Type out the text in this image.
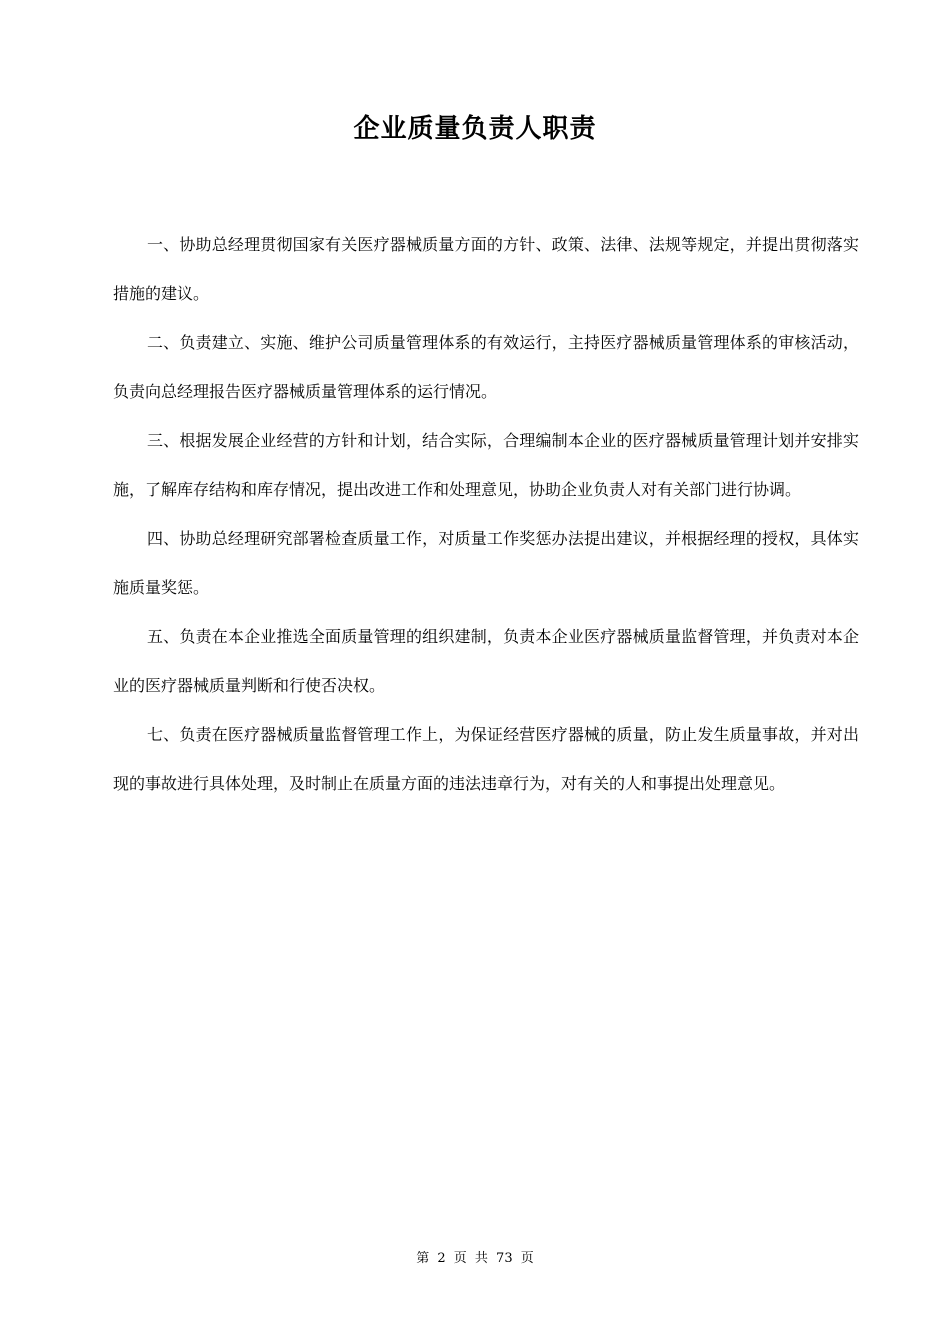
企业质量负责人职责

一、协助总经理贯彻国家有关医疗器械质量方面的方针、政策、法律、法规等规定，并提出贯彻落实措施的建议。

二、负责建立、实施、维护公司质量管理体系的有效运行，主持医疗器械质量管理体系的审核活动，负责向总经理报告医疗器械质量管理体系的运行情况。

三、根据发展企业经营的方针和计划，结合实际，合理编制本企业的医疗器械质量管理计划并安排实施，了解库存结构和库存情况，提出改进工作和处理意见，协助企业负责人对有关部门进行协调。

四、协助总经理研究部署检查质量工作，对质量工作奖惩办法提出建议，并根据经理的授权，具体实施质量奖惩。

五、负责在本企业推选全面质量管理的组织建制，负责本企业医疗器械质量监督管理，并负责对本企业的医疗器械质量判断和行使否决权。

七、负责在医疗器械质量监督管理工作上，为保证经营医疗器械的质量，防止发生质量事故，并对出现的事故进行具体处理，及时制止在质量方面的违法违章行为，对有关的人和事提出处理意见。

第 2 页 共 73 页
